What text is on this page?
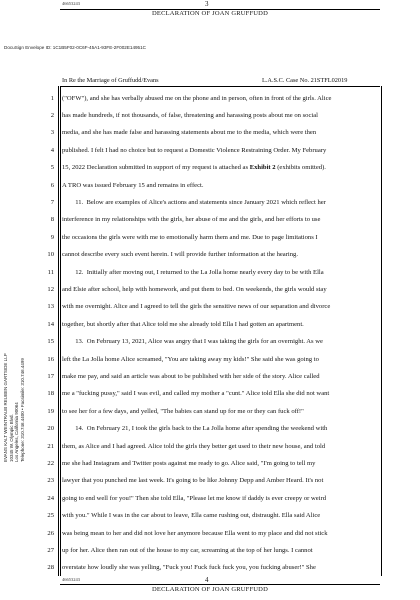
46653243	3
DECLARATION OF JOAN GRUFFUDD
DocuSign Envelope ID: 1C1B5F02-0C6F-45A1-93FE-2F002E14951C
In Re the Marriage of Gruffudd/Evans	L.A.S.C. Case No. 21STFL02019
EVANS KALT WEINTRAUB REUBEN GARTSIDE LLP 10345 W. Olympic Blvd. Los Angeles, California 90064 Telephone: 310.746.4400 • Facsimile: 310.746.4499
1 ("OFW"), and she has verbally abused me on the phone and in person, often in front of the girls. Alice
2 has made hundreds, if not thousands, of false, threatening and harassing posts about me on social
3 media, and she has made false and harassing statements about me to the media, which were then
4 published. I felt I had no choice but to request a Domestic Violence Restraining Order. My February
5 15, 2022 Declaration submitted in support of my request is attached as Exhibit 2 (exhibits omitted).
6 A TRO was issued February 15 and remains in effect.
7 11.  Below are examples of Alice's actions and statements since January 2021 which reflect her
8 interference in my relationships with the girls, her abuse of me and the girls, and her efforts to use
9 the occasions the girls were with me to emotionally harm them and me. Due to page limitations I
10 cannot describe every such event herein. I will provide further information at the hearing.
11 12.  Initially after moving out, I returned to the La Jolla home nearly every day to be with Ella
12 and Elsie after school, help with homework, and put them to bed. On weekends, the girls would stay
13 with me overnight. Alice and I agreed to tell the girls the sensitive news of our separation and divorce
14 together, but shortly after that Alice told me she already told Ella I had gotten an apartment.
15 13.  On February 13, 2021, Alice was angry that I was taking the girls for an overnight. As we
16 left the La Jolla home Alice screamed, "You are taking away my kids!" She said she was going to
17 make me pay, and said an article was about to be published with her side of the story. Alice called
18 me a "fucking pussy," said I was evil, and called my mother a "cunt." Alice told Ella she did not want
19 to see her for a few days, and yelled, "The babies can stand up for me or they can fuck off!"
20 14.  On February 21, I took the girls back to the La Jolla home after spending the weekend with
21 them, as Alice and I had agreed. Alice told the girls they better get used to their new house, and told
22 me she had Instagram and Twitter posts against me ready to go. Alice said, "I'm going to tell my
23 lawyer that you punched me last week. It's going to be like Johnny Depp and Amber Heard. It's not
24 going to end well for you!" Then she told Ella, "Please let me know if daddy is ever creepy or weird
25 with you." While I was in the car about to leave, Ella came rushing out, distraught. Ella said Alice
26 was being mean to her and did not love her anymore because Ella went to my place and did not stick
27 up for her. Alice then ran out of the house to my car, screaming at the top of her lungs. I cannot
28 overstate how loudly she was yelling, "Fuck you! Fuck fuck fuck you, you fucking abuser!" She
46653243	4
DECLARATION OF JOAN GRUFFUDD
